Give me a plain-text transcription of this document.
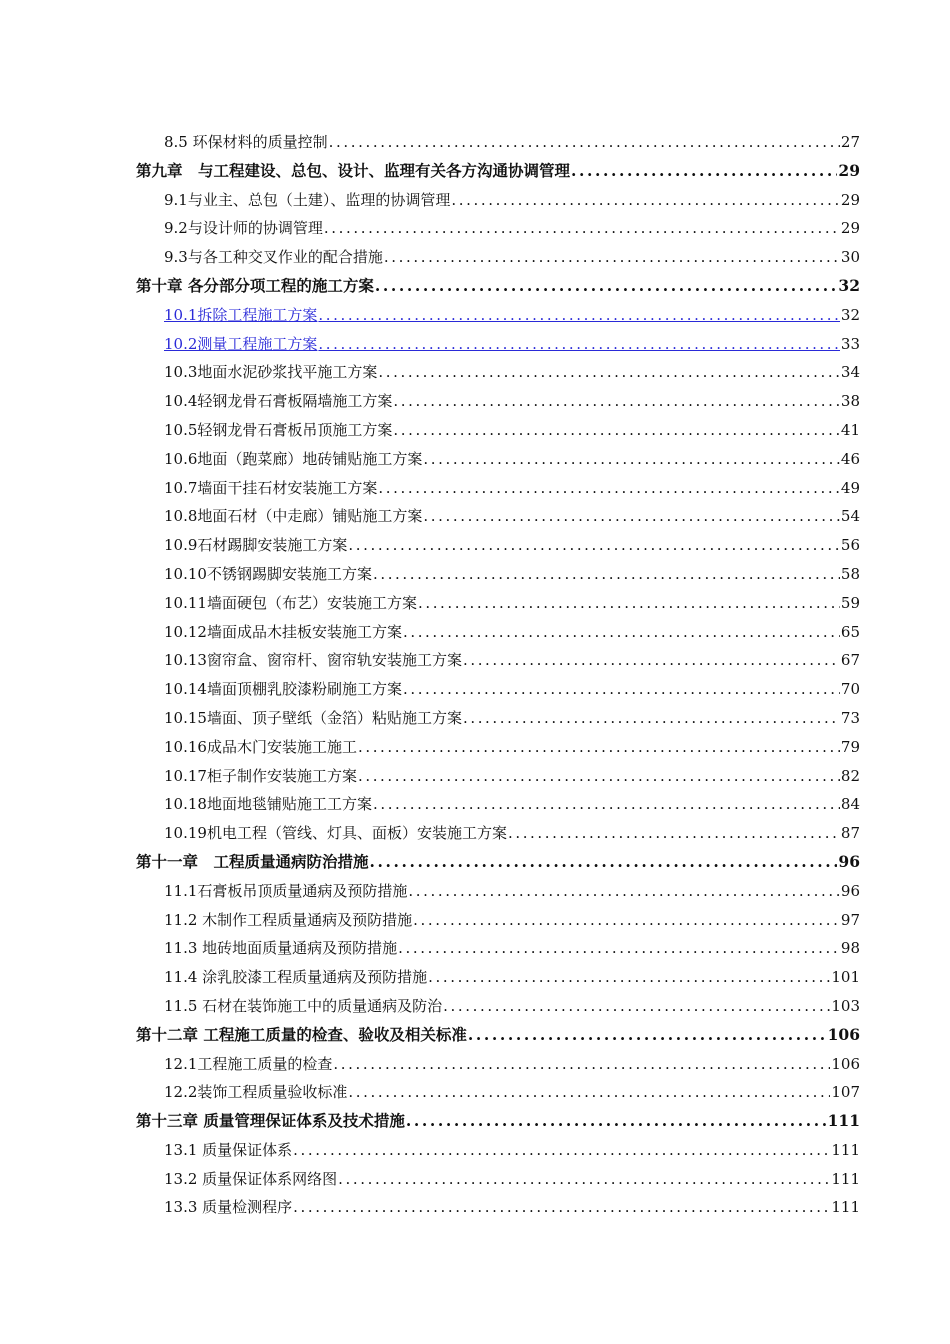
8.5 环保材料的质量控制 .....	27
第九章　与工程建设、总包、设计、监理有关各方沟通协调管理 .....	29
9.1与业主、总包（土建）、监理的协调管理 .....	29
9.2与设计师的协调管理 .....	29
9.3与各工种交叉作业的配合措施 .....	30
第十章 各分部分项工程的施工方案 .....	32
10.1拆除工程施工方案 .....	32
10.2测量工程施工方案 .....	33
10.3地面水泥砂浆找平施工方案 .....	34
10.4轻钢龙骨石膏板隔墙施工方案 .....	38
10.5轻钢龙骨石膏板吊顶施工方案 .....	41
10.6地面（跑菜廊）地砖铺贴施工方案 .....	46
10.7墙面干挂石材安装施工方案 .....	49
10.8地面石材（中走廊）铺贴施工方案 .....	54
10.9石材踢脚安装施工方案 .....	56
10.10不锈钢踢脚安装施工方案 .....	58
10.11墙面硬包（布艺）安装施工方案 .....	59
10.12墙面成品木挂板安装施工方案 .....	65
10.13窗帘盒、窗帘杆、窗帘轨安装施工方案 .....	67
10.14墙面顶棚乳胶漆粉刷施工方案 .....	70
10.15墙面、顶子壁纸（金箔）粘贴施工方案 .....	73
10.16成品木门安装施工施工 .....	79
10.17柜子制作安装施工方案 .....	82
10.18地面地毯铺贴施工工方案 .....	84
10.19机电工程（管线、灯具、面板）安装施工方案 .....	87
第十一章　工程质量通病防治措施 .....	96
11.1石膏板吊顶质量通病及预防措施 .....	96
11.2 木制作工程质量通病及预防措施 .....	97
11.3 地砖地面质量通病及预防措施 .....	98
11.4 涂乳胶漆工程质量通病及预防措施 .....	101
11.5 石材在装饰施工中的质量通病及防治 .....	103
第十二章 工程施工质量的检查、验收及相关标准 .....	106
12.1工程施工质量的检查 .....	106
12.2装饰工程质量验收标准 .....	107
第十三章 质量管理保证体系及技术措施 .....	111
13.1 质量保证体系 .....	111
13.2 质量保证体系网络图 .....	111
13.3 质量检测程序 .....	111
